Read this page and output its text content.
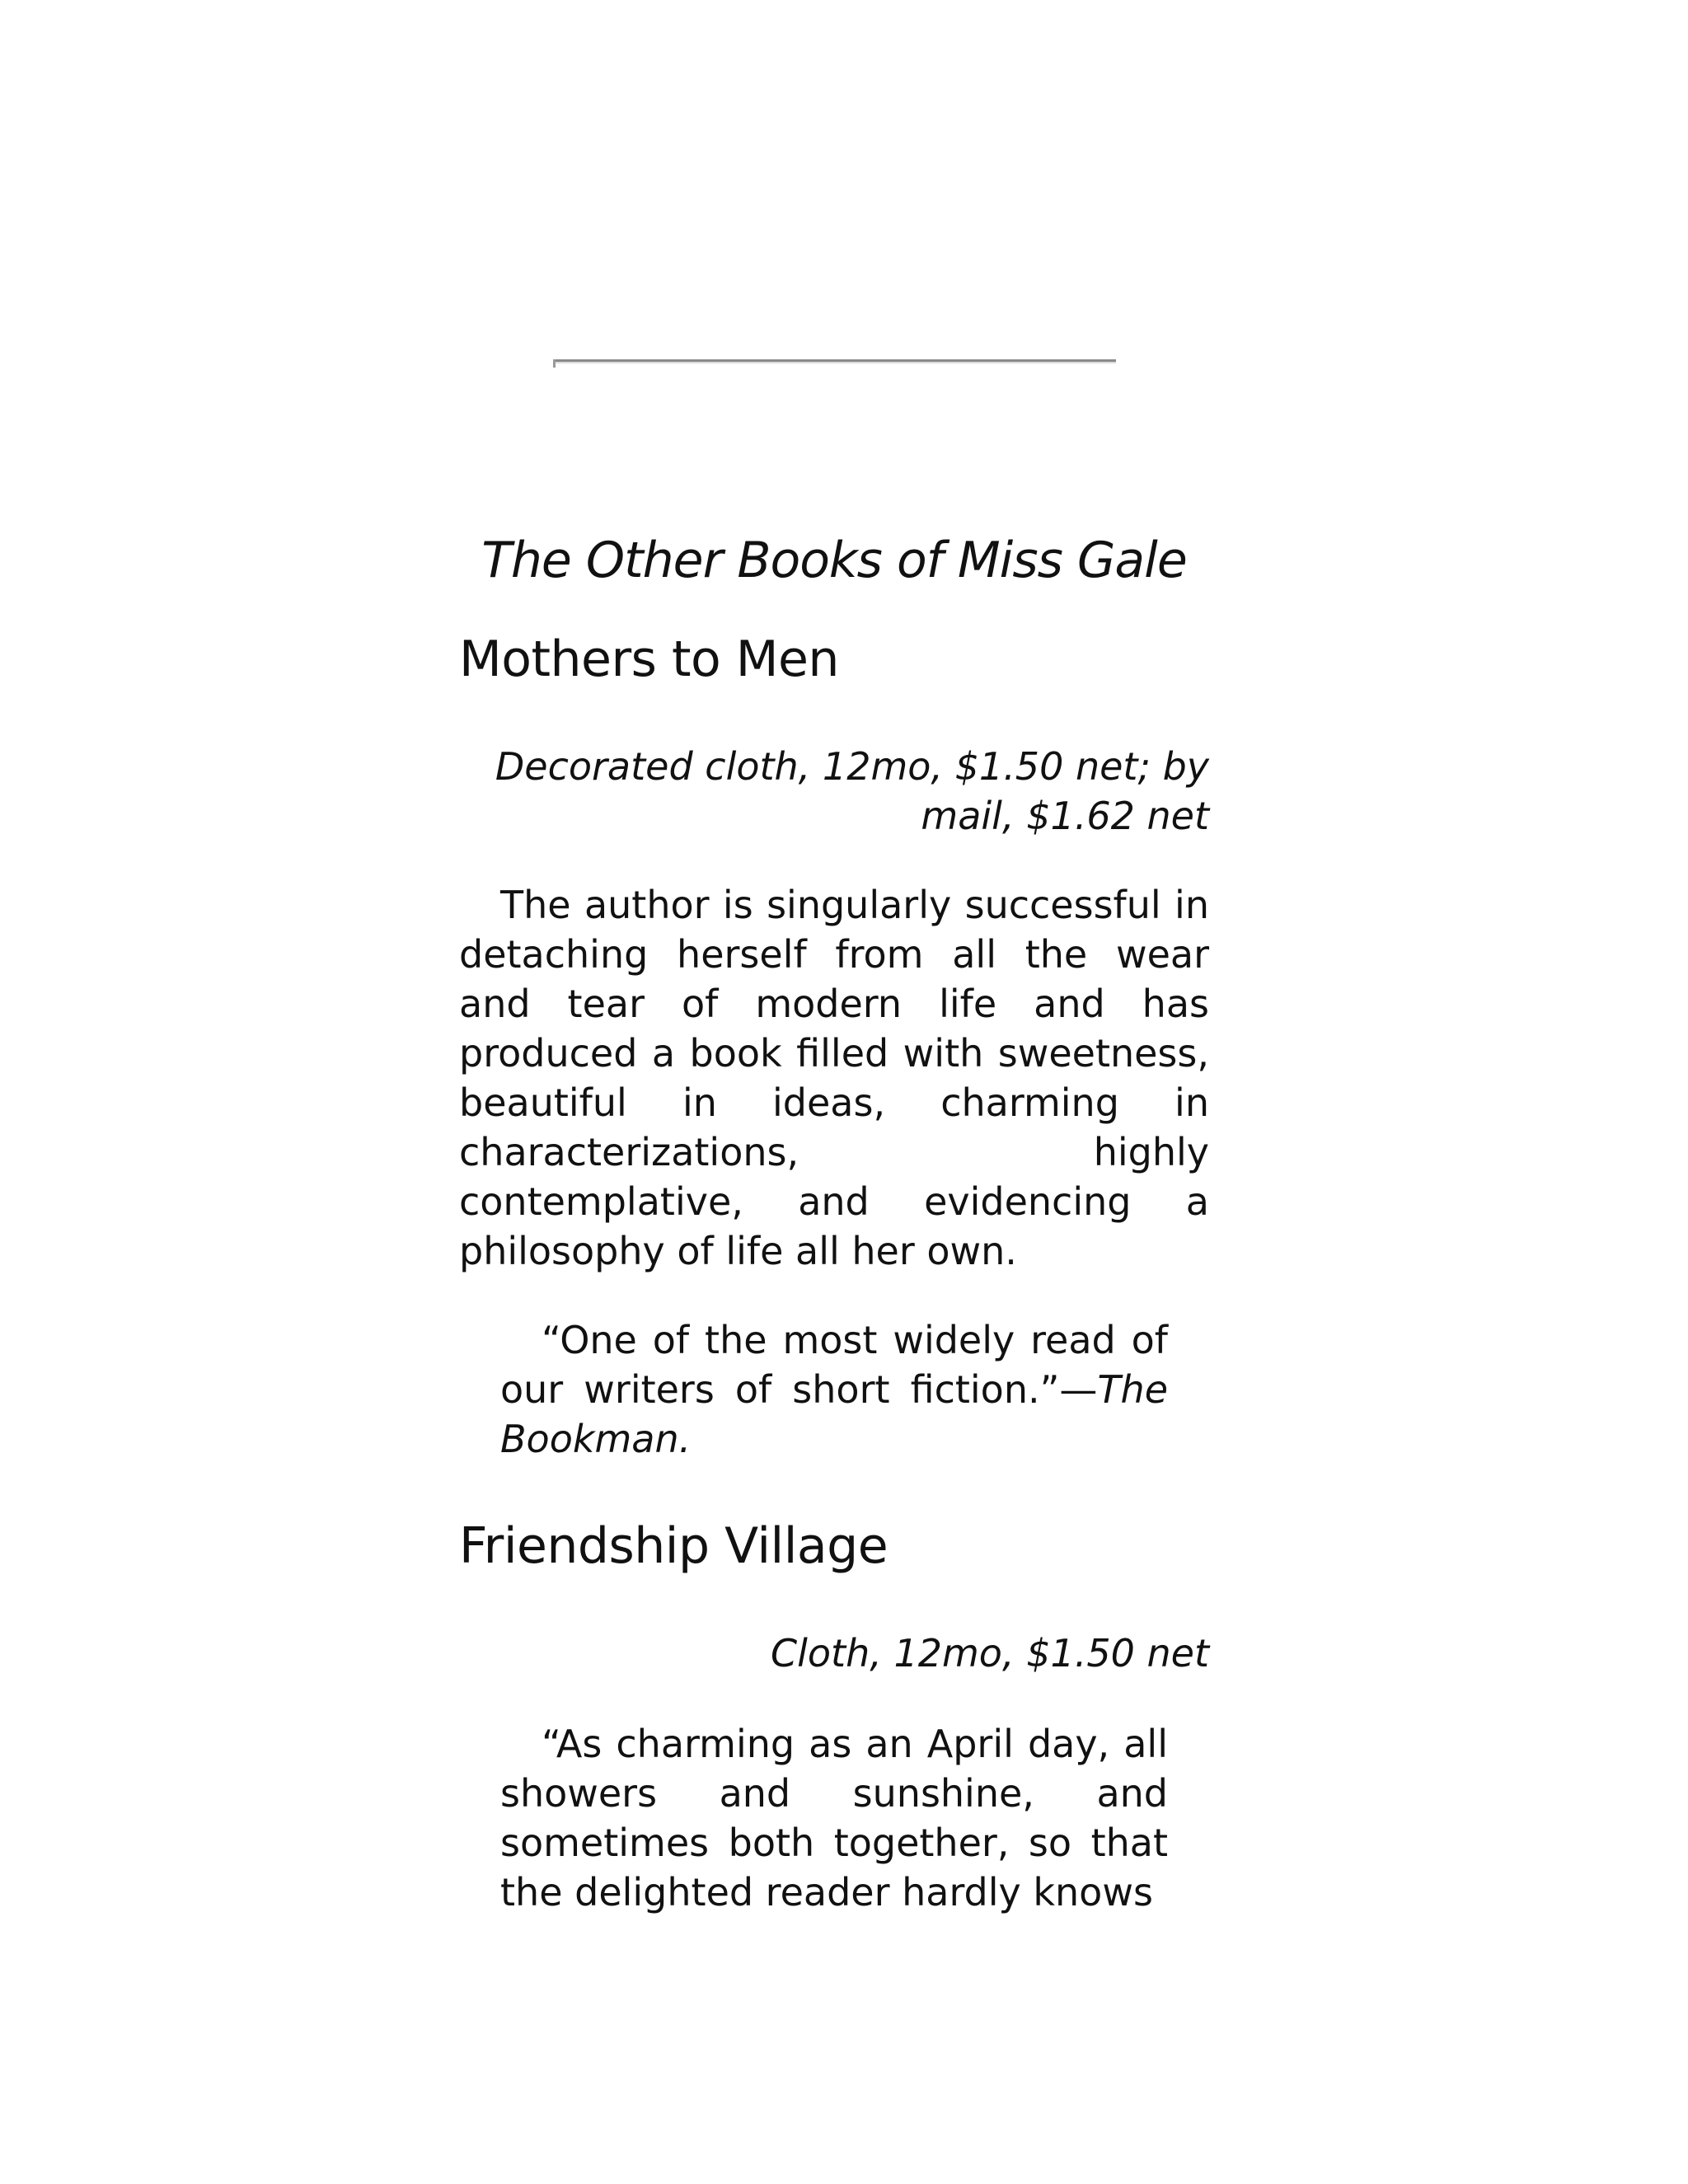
The Other Books of Miss Gale
Mothers to Men

Decorated cloth, 12mo, $1.50 net; by mail, $1.62 net

The author is singularly successful in detaching herself from all the wear and tear of modern life and has produced a book filled with sweetness, beautiful in ideas, charming in characterizations, highly contemplative, and evidencing a philosophy of life all her own.

“One of the most widely read of our writers of short fiction.”—The Bookman.

Friendship Village

Cloth, 12mo, $1.50 net

“As charming as an April day, all showers and sunshine, and sometimes both together, so that the delighted reader hardly knows
